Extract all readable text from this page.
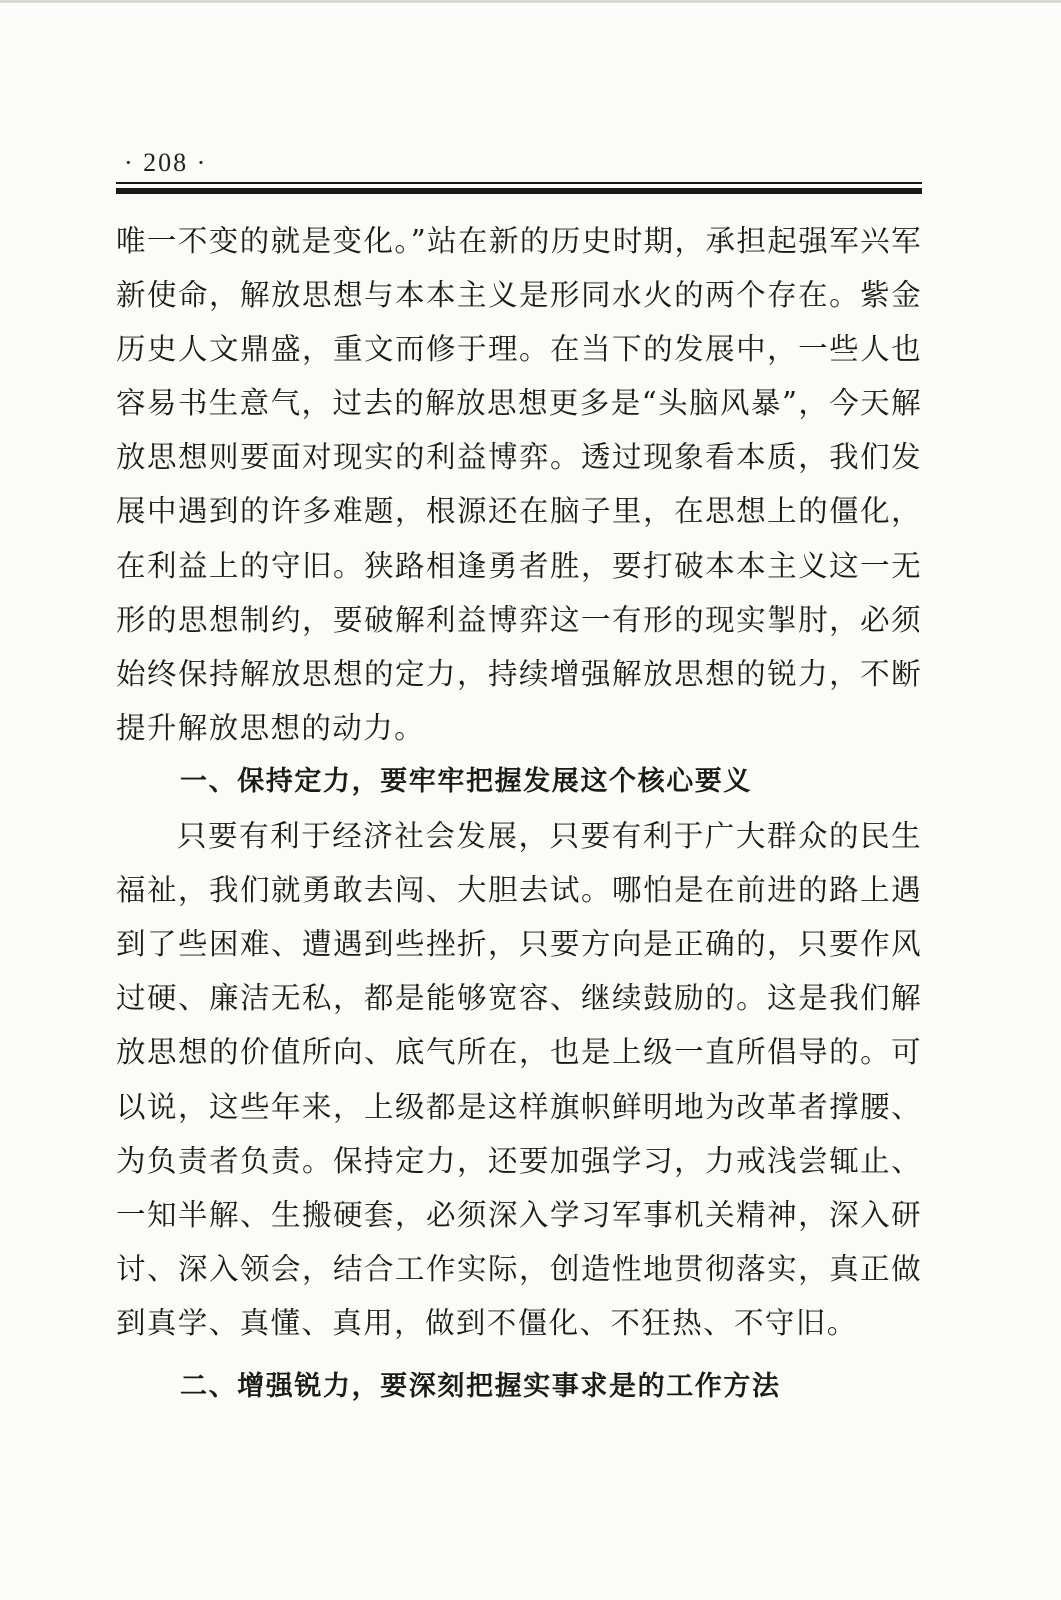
· 208 ·

唯一不变的就是变化。”站在新的历史时期，承担起强军兴军新使命，解放思想与本本主义是形同水火的两个存在。紫金历史人文鼎盛，重文而修于理。在当下的发展中，一些人也容易书生意气，过去的解放思想更多是“头脑风暴”，今天解放思想则要面对现实的利益博弈。透过现象看本质，我们发展中遇到的许多难题，根源还在脑子里，在思想上的僵化，在利益上的守旧。狭路相逢勇者胜，要打破本本主义这一无形的思想制约，要破解利益博弈这一有形的现实掣肘，必须始终保持解放思想的定力，持续增强解放思想的锐力，不断提升解放思想的动力。

一、保持定力，要牢牢把握发展这个核心要义

只要有利于经济社会发展，只要有利于广大群众的民生福祉，我们就勇敢去闯、大胆去试。哪怕是在前进的路上遇到了些困难、遭遇到些挫折，只要方向是正确的，只要作风过硬、廉洁无私，都是能够宽容、继续鼓励的。这是我们解放思想的价值所向、底气所在，也是上级一直所倡导的。可以说，这些年来，上级都是这样旗帜鲜明地为改革者撑腰、为负责者负责。保持定力，还要加强学习，力戒浅尝辄止、一知半解、生搬硬套，必须深入学习军事机关精神，深入研讨、深入领会，结合工作实际，创造性地贯彻落实，真正做到真学、真懂、真用，做到不僵化、不狂热、不守旧。

二、增强锐力，要深刻把握实事求是的工作方法
